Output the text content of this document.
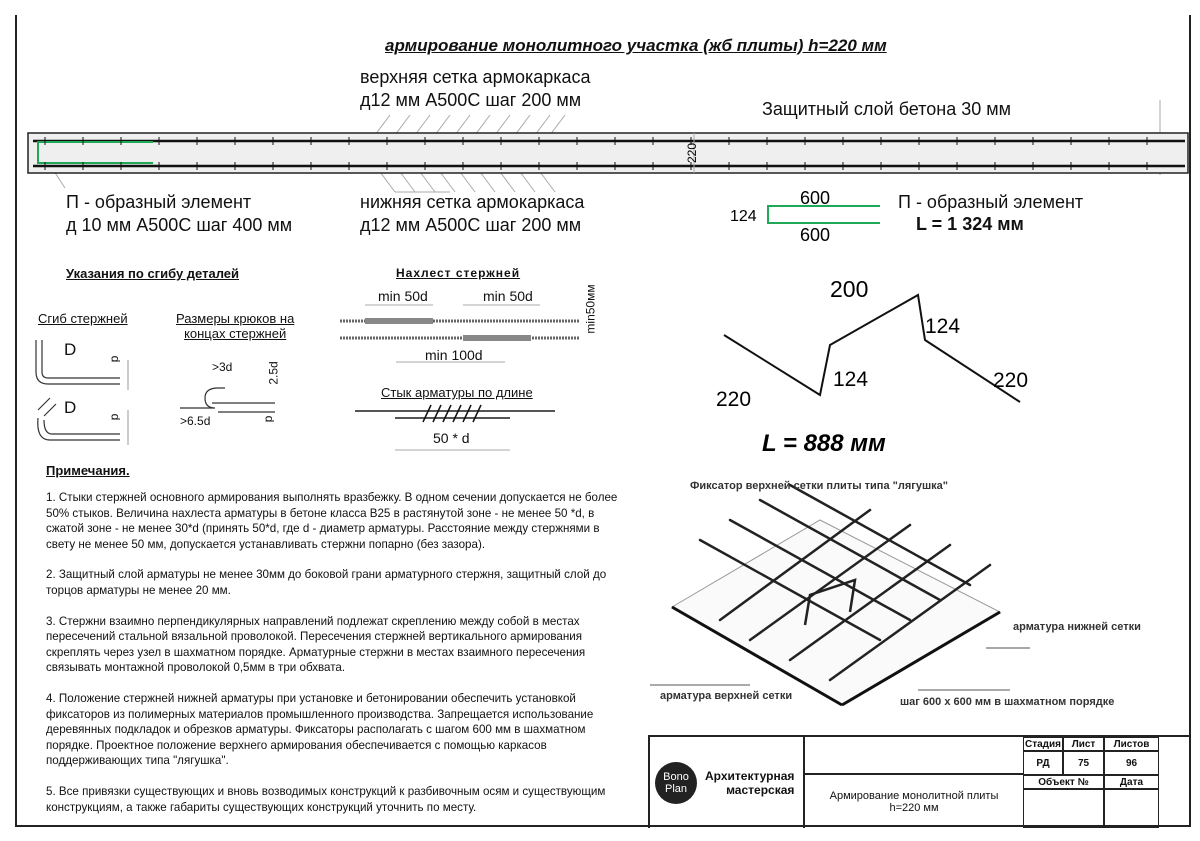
армирование монолитного участка (жб плиты) h=220 мм
220
600
600
124
200
124
124
220
220
L = 888 мм
верхняя сетка армокаркаса
д12 мм А500С шаг 200 мм	Защитный слой бетона 30 мм
П - образный элемент
д 10 мм А500С шаг 400 мм
нижняя сетка армокаркаса
д12 мм А500С шаг 200 мм
П - образный элемент
L = 1 324 мм
Указания по сгибу деталей
Сгиб стержней	Размеры крюков на
концах стержней
D
D
d
d
>3d	2.5d
>6.5d	d
Нахлест стержней
min 50d	min 50d
min 100d
min50мм
Стык арматуры по длине
50 * d
Примечания.

1. Стыки стержней основного армирования выполнять вразбежку. В одном сечении допускается не более 50% стыков. Величина нахлеста арматуры в бетоне класса В25 в растянутой зоне - не менее 50 *d, в сжатой зоне - не менее 30*d (принять 50*d, где d - диаметр арматуры. Расстояние между стержнями в свету не менее 50 мм, допускается устанавливать стержни попарно (без зазора).

2. Защитный слой арматуры не менее 30мм до боковой грани арматурного стержня, защитный слой до торцов арматуры не менее 20 мм.

3. Стержни взаимно перпендикулярных направлений подлежат скреплению между собой в местах пересечений стальной вязальной проволокой. Пересечения стержней вертикального армирования скреплять через узел в шахматном порядке. Арматурные стержни в местах взаимного пересечения связывать монтажной проволокой 0,5мм в три обхвата.

4. Положение стержней нижней арматуры при установке и бетонировании обеспечить установкой фиксаторов из полимерных материалов промышленного производства. Запрещается использование деревянных подкладок и обрезков арматуры. Фиксаторы располагать с шагом 600 мм в шахматном порядке. Проектное положение верхнего армирования обеспечивается с помощью каркасов поддерживающих типа "лягушка".

5. Все привязки существующих и вновь возводимых конструкций к разбивочным осям и существующим конструкциям, а также габариты существующих конструкций уточнить по месту.

Фиксатор верхней сетки плиты типа "лягушка"
арматура нижней сетки
арматура верхней сетки	шаг 600 х 600 мм в шахматном порядке
Bono
Plan
Архитектурная
мастерская	Армирование монолитной плиты
h=220 мм
Стадия	Лист	Листов
РД	75	96
Объект №	Дата
